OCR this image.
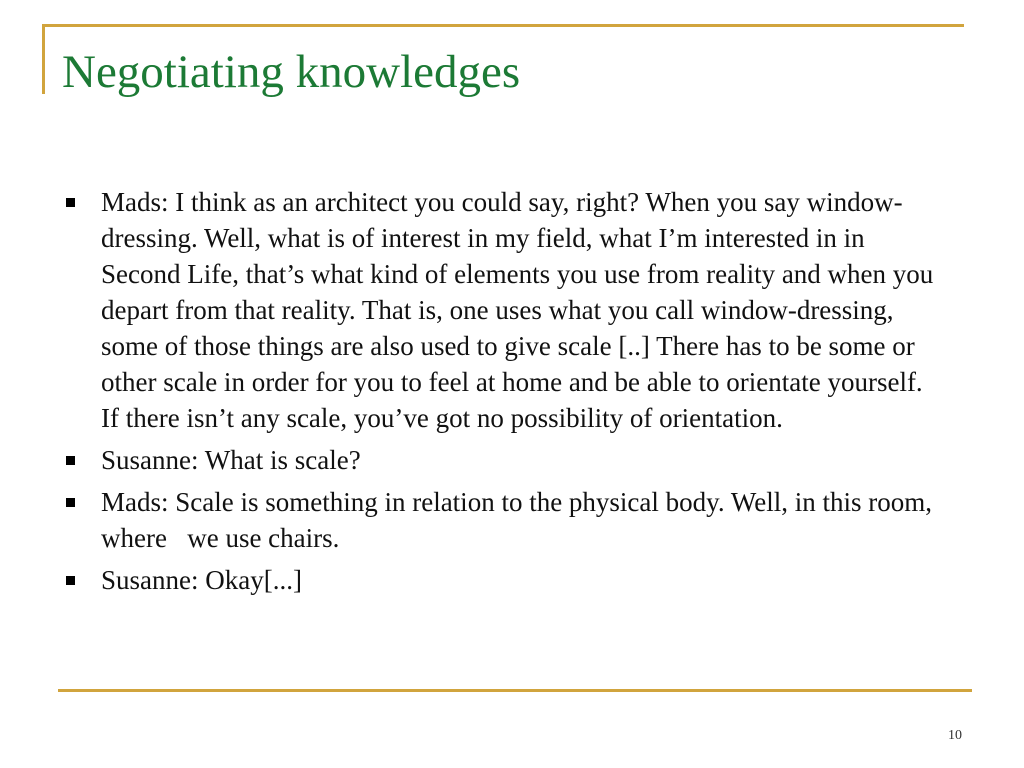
Negotiating knowledges
Mads: I think as an architect you could say, right? When you say window-dressing. Well, what is of interest in my field, what I’m interested in in Second Life, that’s what kind of elements you use from reality and when you depart from that reality. That is, one uses what you call window-dressing, some of those things are also used to give scale [..] There has to be some or other scale in order for you to feel at home and be able to orientate yourself. If there isn’t any scale, you’ve got no possibility of orientation.
Susanne: What is scale?
Mads: Scale is something in relation to the physical body. Well, in this room, where   we use chairs.
Susanne: Okay[...]
10
